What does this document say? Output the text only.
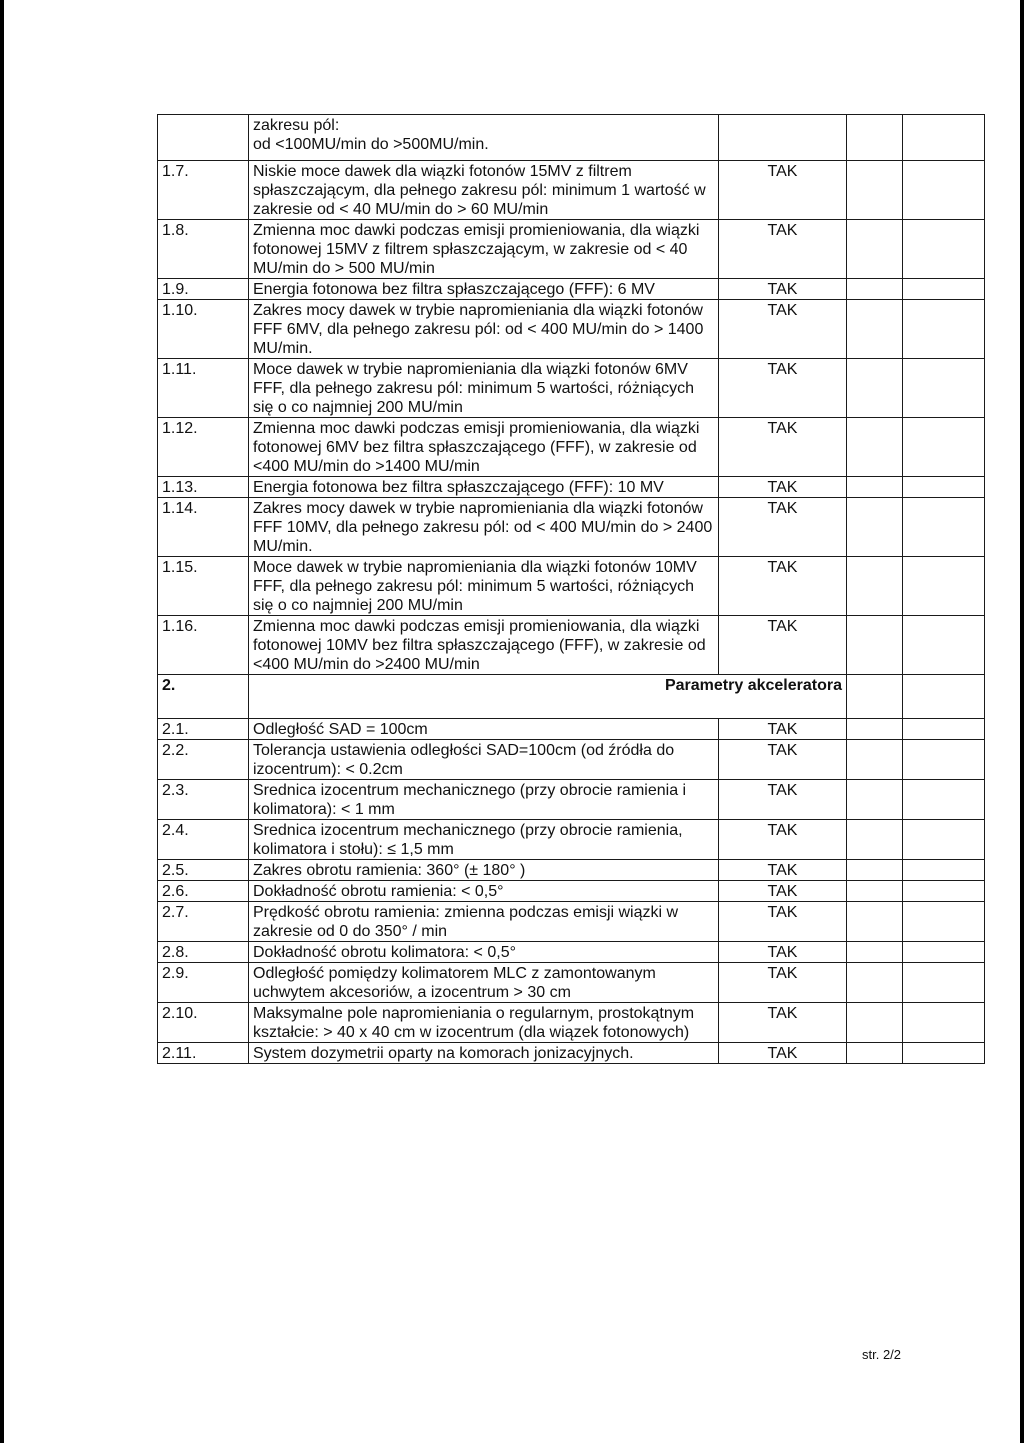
	zakresu pól:
od <100MU/min do >500MU/min.			
1.7.	Niskie moce dawek dla wiązki fotonów 15MV z filtrem spłaszczającym, dla pełnego zakresu pól: minimum 1 wartość w zakresie od < 40 MU/min do > 60 MU/min	TAK		
1.8.	Zmienna moc dawki podczas emisji promieniowania, dla wiązki fotonowej 15MV z filtrem spłaszczającym, w zakresie od < 40 MU/min do > 500 MU/min	TAK		
1.9.	Energia fotonowa bez filtra spłaszczającego (FFF): 6 MV	TAK		
1.10.	Zakres mocy dawek w trybie napromieniania dla wiązki fotonów FFF 6MV, dla pełnego zakresu pól: od < 400 MU/min do > 1400 MU/min.	TAK		
1.11.	Moce dawek w trybie napromieniania dla wiązki fotonów 6MV FFF, dla pełnego zakresu pól: minimum 5 wartości, różniących się o co najmniej 200 MU/min	TAK		
1.12.	Zmienna moc dawki podczas emisji promieniowania, dla wiązki fotonowej 6MV bez filtra spłaszczającego (FFF), w zakresie od <400 MU/min do >1400 MU/min	TAK		
1.13.	Energia fotonowa bez filtra spłaszczającego (FFF): 10 MV	TAK		
1.14.	Zakres mocy dawek w trybie napromieniania dla wiązki fotonów FFF 10MV, dla pełnego zakresu pól: od < 400 MU/min do > 2400 MU/min.	TAK		
1.15.	Moce dawek w trybie napromieniania dla wiązki fotonów 10MV FFF, dla pełnego zakresu pól: minimum 5 wartości, różniących się o co najmniej 200 MU/min	TAK		
1.16.	Zmienna moc dawki podczas emisji promieniowania, dla wiązki fotonowej 10MV bez filtra spłaszczającego (FFF), w zakresie od <400 MU/min do >2400 MU/min	TAK		
2.	Parametry akceleratora			
2.1.	Odległość SAD = 100cm	TAK		
2.2.	Tolerancja ustawienia odległości SAD=100cm (od źródła do izocentrum): < 0.2cm	TAK		
2.3.	Srednica izocentrum mechanicznego (przy obrocie ramienia i kolimatora): < 1 mm	TAK		
2.4.	Srednica izocentrum mechanicznego (przy obrocie ramienia, kolimatora i stołu): ≤ 1,5 mm	TAK		
2.5.	Zakres obrotu ramienia: 360° (± 180° )	TAK		
2.6.	Dokładność obrotu ramienia: < 0,5°	TAK		
2.7.	Prędkość obrotu ramienia: zmienna podczas emisji wiązki w zakresie od 0 do 350° / min	TAK		
2.8.	Dokładność obrotu kolimatora: < 0,5°	TAK		
2.9.	Odległość pomiędzy kolimatorem MLC z zamontowanym uchwytem akcesoriów, a izocentrum > 30 cm	TAK		
2.10.	Maksymalne pole napromieniania o regularnym, prostokątnym kształcie: > 40 x 40 cm w izocentrum (dla wiązek fotonowych)	TAK		
2.11.	System dozymetrii oparty na komorach jonizacyjnych.	TAK		
str. 2/2
